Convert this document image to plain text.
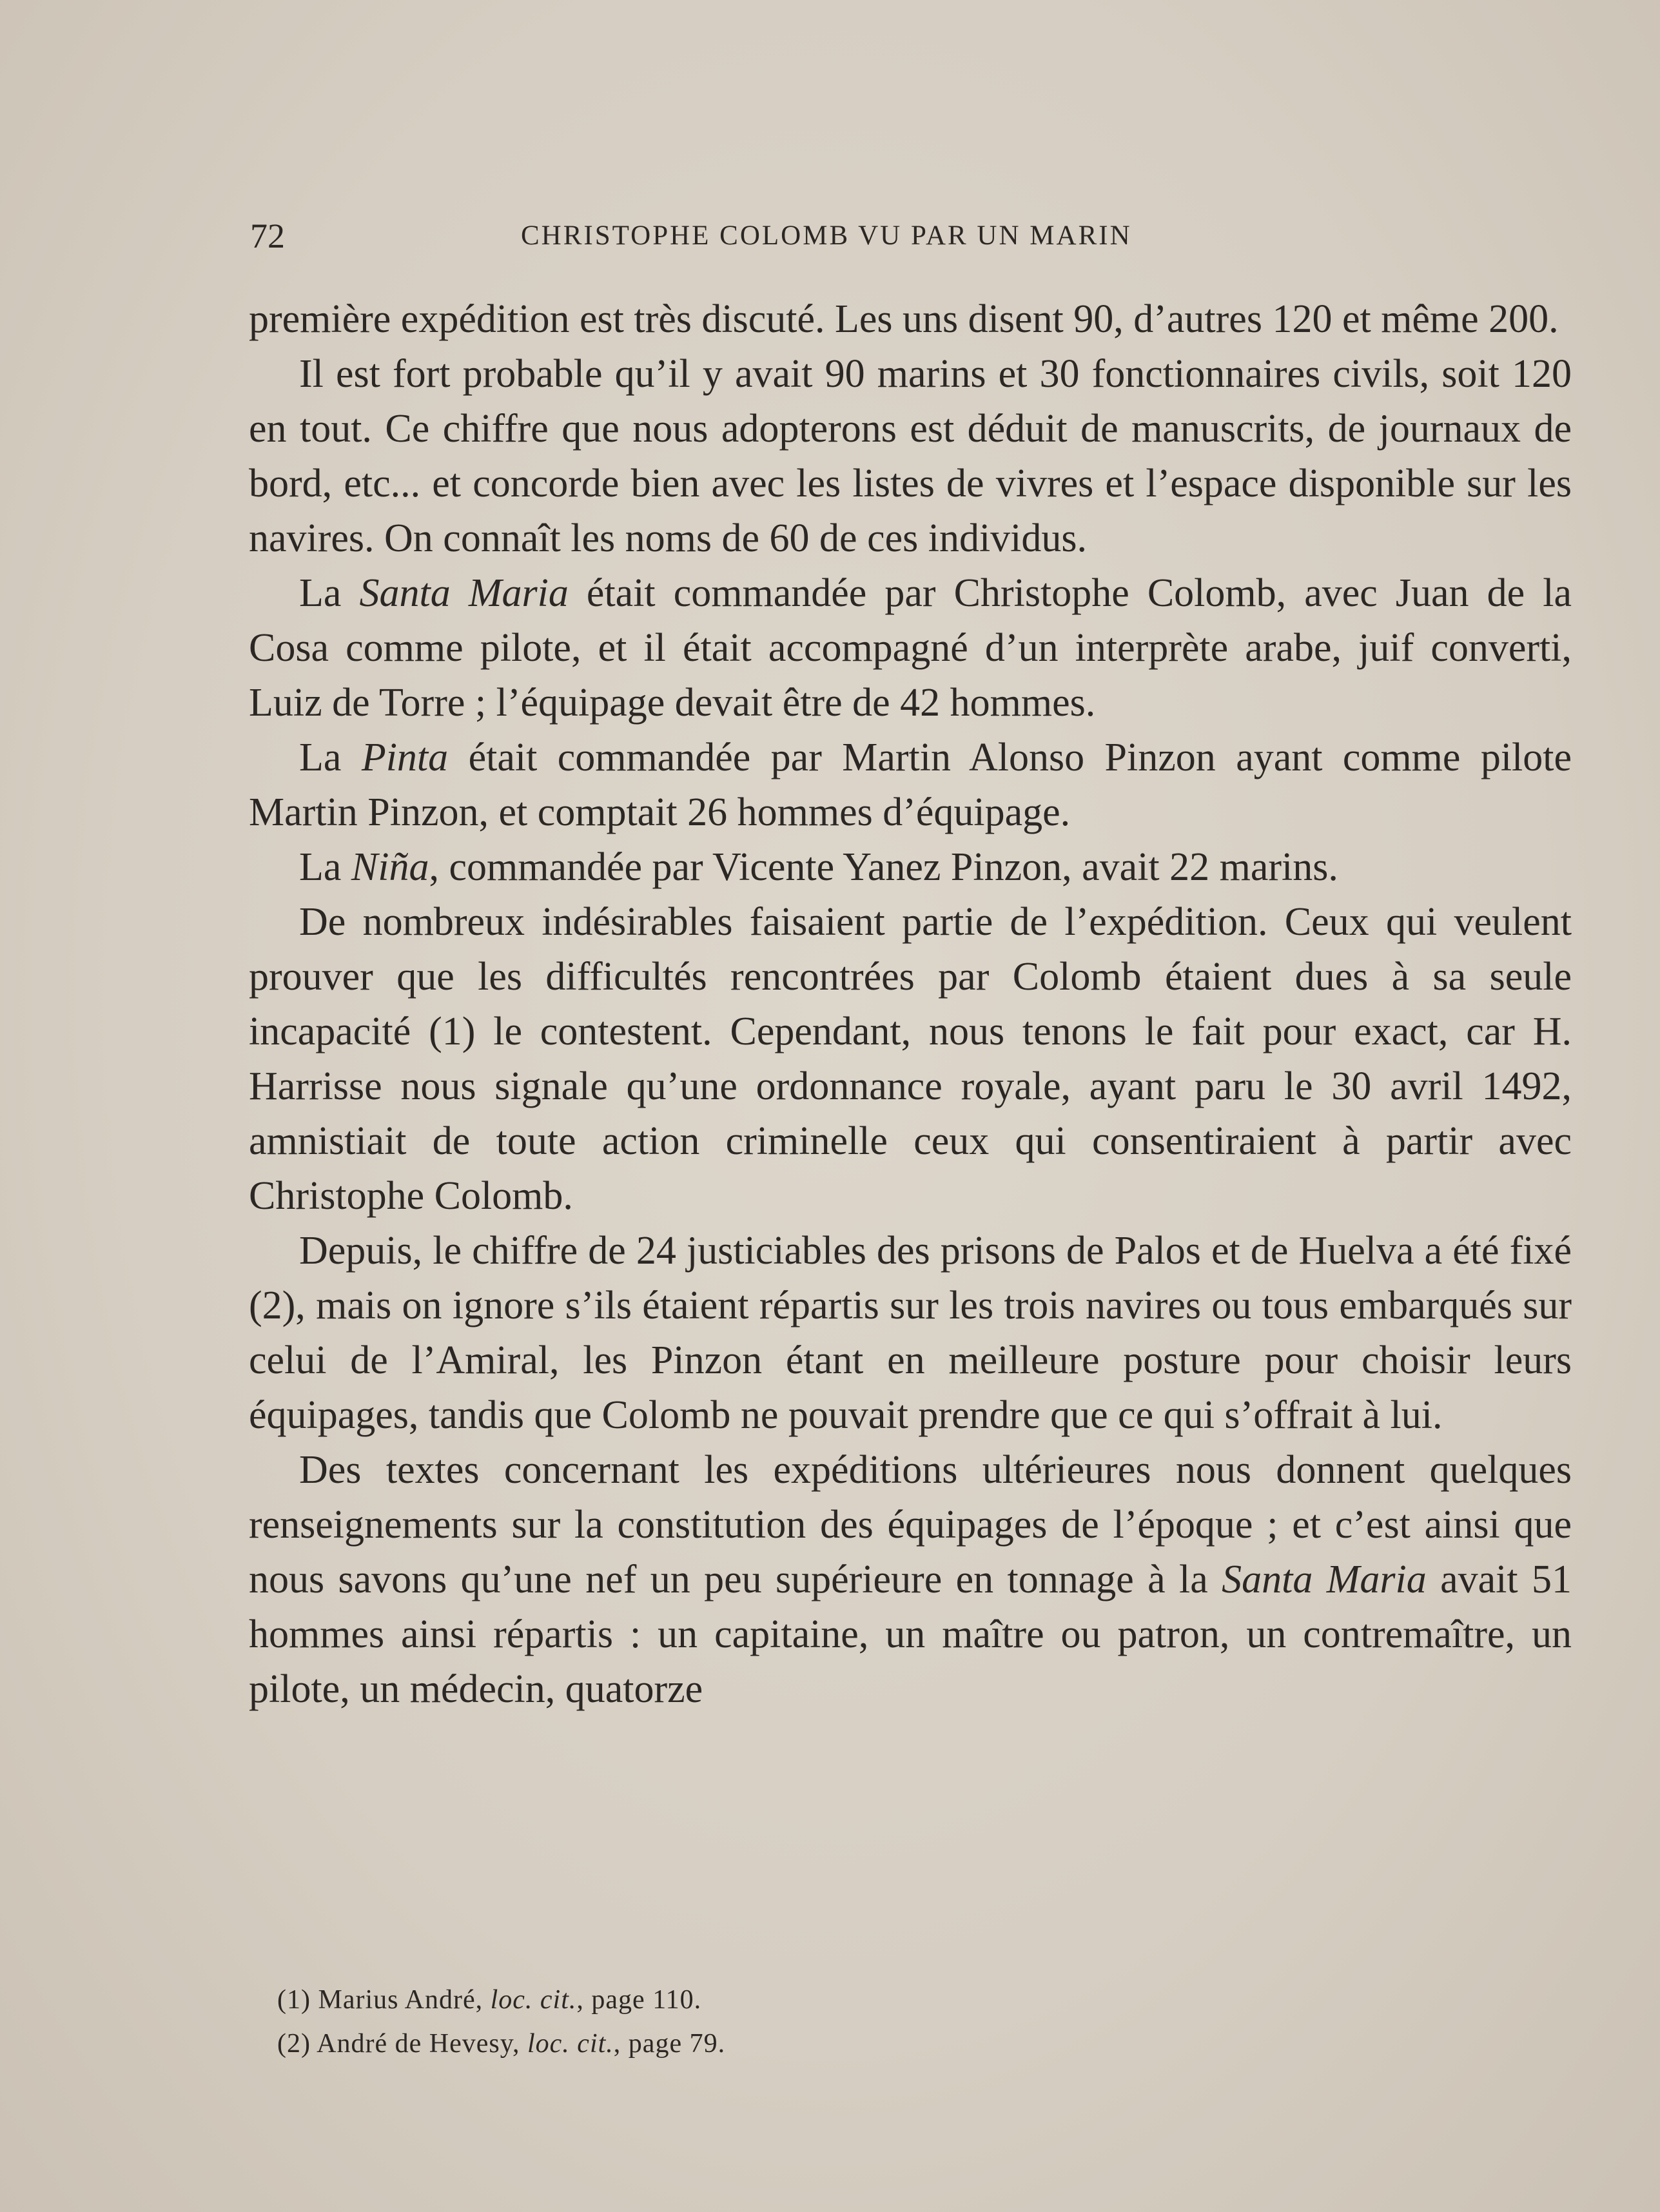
72	CHRISTOPHE COLOMB VU PAR UN MARIN

première expédition est très discuté. Les uns disent 90, d’autres 120 et même 200.

Il est fort probable qu’il y avait 90 marins et 30 fonctionnaires civils, soit 120 en tout. Ce chiffre que nous adopterons est déduit de manuscrits, de journaux de bord, etc... et concorde bien avec les listes de vivres et l’espace disponible sur les navires. On connaît les noms de 60 de ces individus.

La Santa Maria était commandée par Christophe Colomb, avec Juan de la Cosa comme pilote, et il était accompagné d’un interprète arabe, juif converti, Luiz de Torre ; l’équipage devait être de 42 hommes.

La Pinta était commandée par Martin Alonso Pinzon ayant comme pilote Martin Pinzon, et comptait 26 hommes d’équipage.

La Niña, commandée par Vicente Yanez Pinzon, avait 22 marins.

De nombreux indésirables faisaient partie de l’expédition. Ceux qui veulent prouver que les difficultés rencontrées par Colomb étaient dues à sa seule incapacité (1) le contestent. Cependant, nous tenons le fait pour exact, car H. Harrisse nous signale qu’une ordonnance royale, ayant paru le 30 avril 1492, amnistiait de toute action criminelle ceux qui consentiraient à partir avec Christophe Colomb.

Depuis, le chiffre de 24 justiciables des prisons de Palos et de Huelva a été fixé (2), mais on ignore s’ils étaient répartis sur les trois navires ou tous embarqués sur celui de l’Amiral, les Pinzon étant en meilleure posture pour choisir leurs équipages, tandis que Colomb ne pouvait prendre que ce qui s’offrait à lui.

Des textes concernant les expéditions ultérieures nous donnent quelques renseignements sur la constitution des équipages de l’époque ; et c’est ainsi que nous savons qu’une nef un peu supérieure en tonnage à la Santa Maria avait 51 hommes ainsi répartis : un capitaine, un maître ou patron, un contremaître, un pilote, un médecin, quatorze

(1) Marius André, loc. cit., page 110.

(2) André de Hevesy, loc. cit., page 79.
